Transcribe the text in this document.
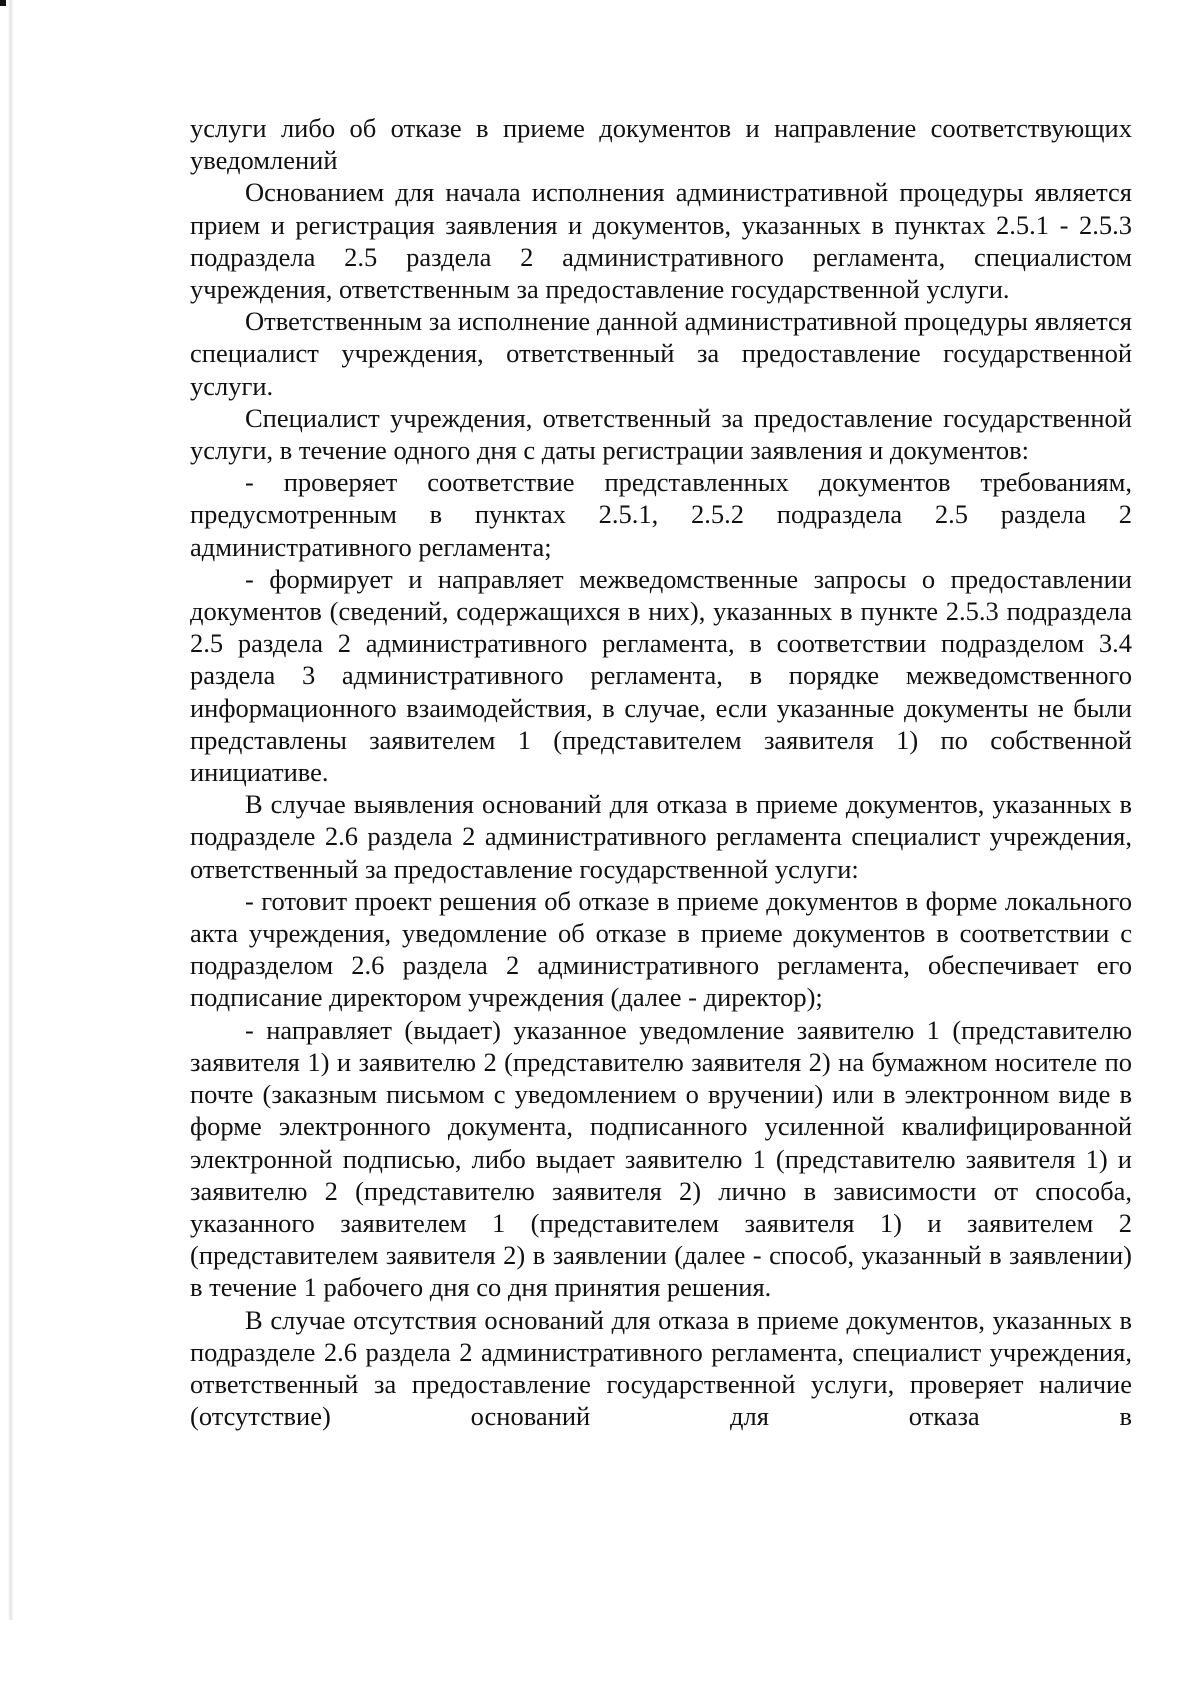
услуги либо об отказе в приеме документов и направление соответствующих уведомлений

Основанием для начала исполнения административной процедуры является прием и регистрация заявления и документов, указанных в пунктах 2.5.1 - 2.5.3 подраздела 2.5 раздела 2 административного регламента, специалистом учреждения, ответственным за предоставление государственной услуги.

Ответственным за исполнение данной административной процедуры является специалист учреждения, ответственный за предоставление государственной услуги.

Специалист учреждения, ответственный за предоставление государственной услуги, в течение одного дня с даты регистрации заявления и документов:

- проверяет соответствие представленных документов требованиям, предусмотренным в пунктах 2.5.1, 2.5.2 подраздела 2.5 раздела 2 административного регламента;

- формирует и направляет межведомственные запросы о предоставлении документов (сведений, содержащихся в них), указанных в пункте 2.5.3 подраздела 2.5 раздела 2 административного регламента, в соответствии подразделом 3.4 раздела 3 административного регламента, в порядке межведомственного информационного взаимодействия, в случае, если указанные документы не были представлены заявителем 1 (представителем заявителя 1) по собственной инициативе.

В случае выявления оснований для отказа в приеме документов, указанных в подразделе 2.6 раздела 2 административного регламента специалист учреждения, ответственный за предоставление государственной услуги:

- готовит проект решения об отказе в приеме документов в форме локального акта учреждения, уведомление об отказе в приеме документов в соответствии с подразделом 2.6 раздела 2 административного регламента, обеспечивает его подписание директором учреждения (далее - директор);

- направляет (выдает) указанное уведомление заявителю 1 (представителю заявителя 1) и заявителю 2 (представителю заявителя 2) на бумажном носителе по почте (заказным письмом с уведомлением о вручении) или в электронном виде в форме электронного документа, подписанного усиленной квалифицированной электронной подписью, либо выдает заявителю 1 (представителю заявителя 1) и заявителю 2 (представителю заявителя 2) лично в зависимости от способа, указанного заявителем 1 (представителем заявителя 1) и заявителем 2 (представителем заявителя 2) в заявлении (далее - способ, указанный в заявлении) в течение 1 рабочего дня со дня принятия решения.

В случае отсутствия оснований для отказа в приеме документов, указанных в подразделе 2.6 раздела 2 административного регламента, специалист учреждения, ответственный за предоставление государственной услуги, проверяет наличие (отсутствие) оснований для отказа в
